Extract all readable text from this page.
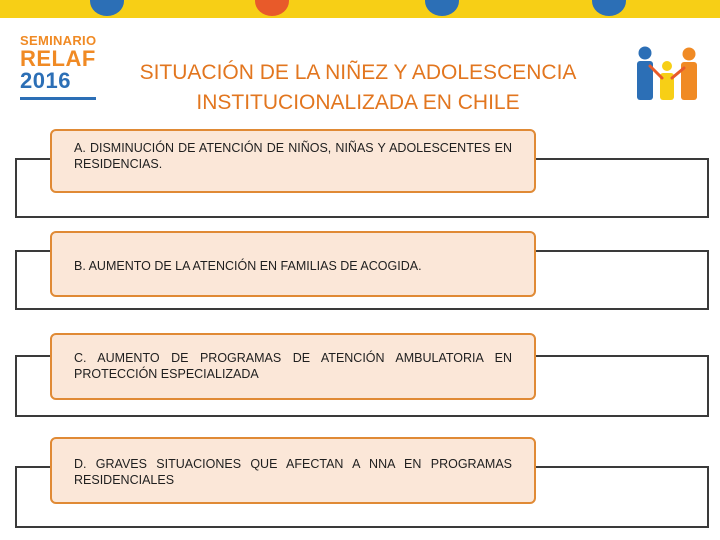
SEMINARIO
RELAF
2016	SITUACIÓN DE LA NIÑEZ Y ADOLESCENCIA
INSTITUCIONALIZADA EN CHILE
A. DISMINUCIÓN DE ATENCIÓN DE NIÑOS, NIÑAS Y ADOLESCENTES EN RESIDENCIAS.
B. AUMENTO DE LA ATENCIÓN EN FAMILIAS DE ACOGIDA.
C. AUMENTO DE PROGRAMAS DE ATENCIÓN AMBULATORIA EN PROTECCIÓN ESPECIALIZADA
D. GRAVES SITUACIONES QUE AFECTAN A NNA EN PROGRAMAS RESIDENCIALES
